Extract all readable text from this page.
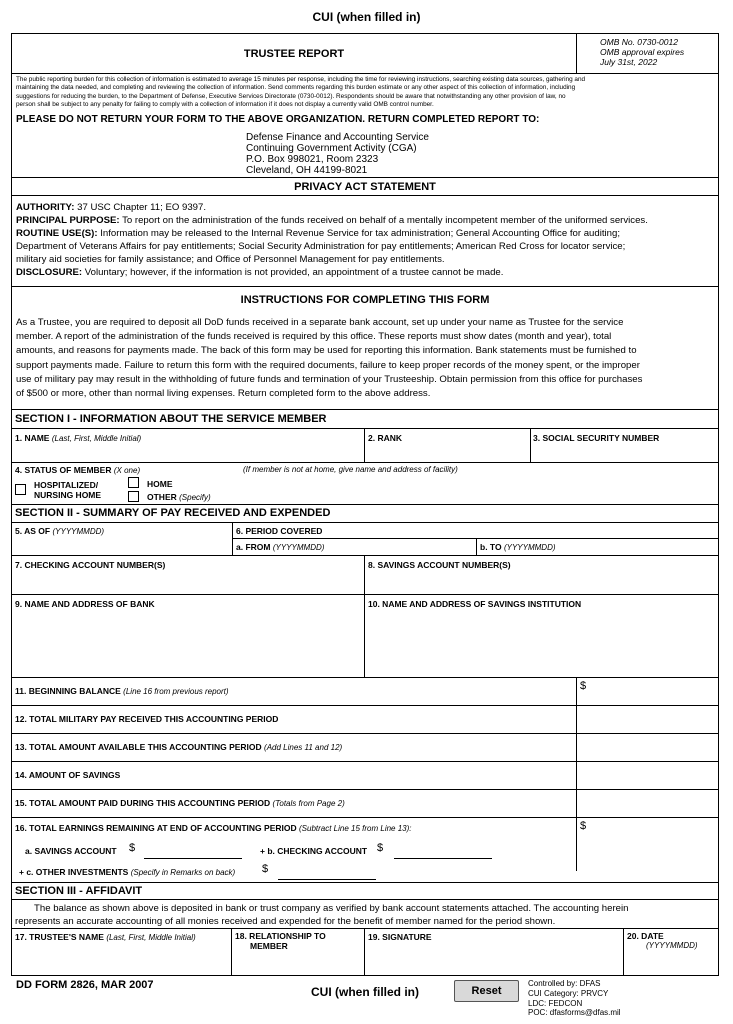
CUI (when filled in)
TRUSTEE REPORT
OMB No. 0730-0012
OMB approval expires
July 31st, 2022
The public reporting burden for this collection of information is estimated to average 15 minutes per response, including the time for reviewing instructions, searching existing data sources, gathering and
maintaining the data needed, and completing and reviewing the collection of information. Send comments regarding this burden estimate or any other aspect of this collection of information, including
suggestions for reducing the burden, to the Department of Defense, Executive Services Directorate (0730-0012). Respondents should be aware that notwithstanding any other provision of law, no
person shall be subject to any penalty for failing to comply with a collection of information if it does not display a currently valid OMB control number.
PLEASE DO NOT RETURN YOUR FORM TO THE ABOVE ORGANIZATION. RETURN COMPLETED REPORT TO:
Defense Finance and Accounting Service
Continuing Government Activity (CGA)
P.O. Box 998021, Room 2323
Cleveland, OH 44199-8021
PRIVACY ACT STATEMENT
AUTHORITY: 37 USC Chapter 11; EO 9397.
PRINCIPAL PURPOSE: To report on the administration of the funds received on behalf of a mentally incompetent member of the uniformed services.
ROUTINE USE(S): Information may be released to the Internal Revenue Service for tax administration; General Accounting Office for auditing;
Department of Veterans Affairs for pay entitlements; Social Security Administration for pay entitlements; American Red Cross for locator service;
military aid societies for family assistance; and Office of Personnel Management for pay entitlements.
DISCLOSURE: Voluntary; however, if the information is not provided, an appointment of a trustee cannot be made.
INSTRUCTIONS FOR COMPLETING THIS FORM
As a Trustee, you are required to deposit all DoD funds received in a separate bank account, set up under your name as Trustee for the service
member. A report of the administration of the funds received is required by this office. These reports must show dates (month and year), total
amounts, and reasons for payments made. The back of this form may be used for reporting this information. Bank statements must be furnished to
support payments made. Failure to return this form with the required documents, failure to keep proper records of the money spent, or the improper
use of military pay may result in the withholding of future funds and termination of your Trusteeship. Obtain permission from this office for purchases
of $500 or more, other than normal living expenses. Return completed form to the above address.
SECTION I - INFORMATION ABOUT THE SERVICE MEMBER
1. NAME (Last, First, Middle Initial)	2. RANK	3. SOCIAL SECURITY NUMBER
4. STATUS OF MEMBER (X one)	(If member is not at home, give name and address of facility)
HOSPITALIZED/
NURSING HOME
HOME
OTHER (Specify)
SECTION II - SUMMARY OF PAY RECEIVED AND EXPENDED
5. AS OF (YYYYMMDD)	6. PERIOD COVERED
a. FROM (YYYYMMDD)	b. TO (YYYYMMDD)
7. CHECKING ACCOUNT NUMBER(S)	8. SAVINGS ACCOUNT NUMBER(S)
9. NAME AND ADDRESS OF BANK	10. NAME AND ADDRESS OF SAVINGS INSTITUTION
11. BEGINNING BALANCE (Line 16 from previous report)	$
12. TOTAL MILITARY PAY RECEIVED THIS ACCOUNTING PERIOD
13. TOTAL AMOUNT AVAILABLE THIS ACCOUNTING PERIOD (Add Lines 11 and 12)
14. AMOUNT OF SAVINGS
15. TOTAL AMOUNT PAID DURING THIS ACCOUNTING PERIOD (Totals from Page 2)
16. TOTAL EARNINGS REMAINING AT END OF ACCOUNTING PERIOD (Subtract Line 15 from Line 13):	$
a. SAVINGS ACCOUNT $	+ b. CHECKING ACCOUNT $
+ c. OTHER INVESTMENTS (Specify in Remarks on back) $
SECTION III - AFFIDAVIT
The balance as shown above is deposited in bank or trust company as verified by bank account statements attached. The accounting herein
represents an accurate accounting of all monies received and expended for the benefit of member named for the period shown.
17. TRUSTEE'S NAME (Last, First, Middle Initial)	18. RELATIONSHIP TO
MEMBER
19. SIGNATURE	20. DATE
(YYYYMMDD)
DD FORM 2826, MAR 2007	CUI (when filled in)	Reset
Controlled by: DFAS
CUI Category: PRVCY
LDC: FEDCON
POC: dfasforms@dfas.mil
